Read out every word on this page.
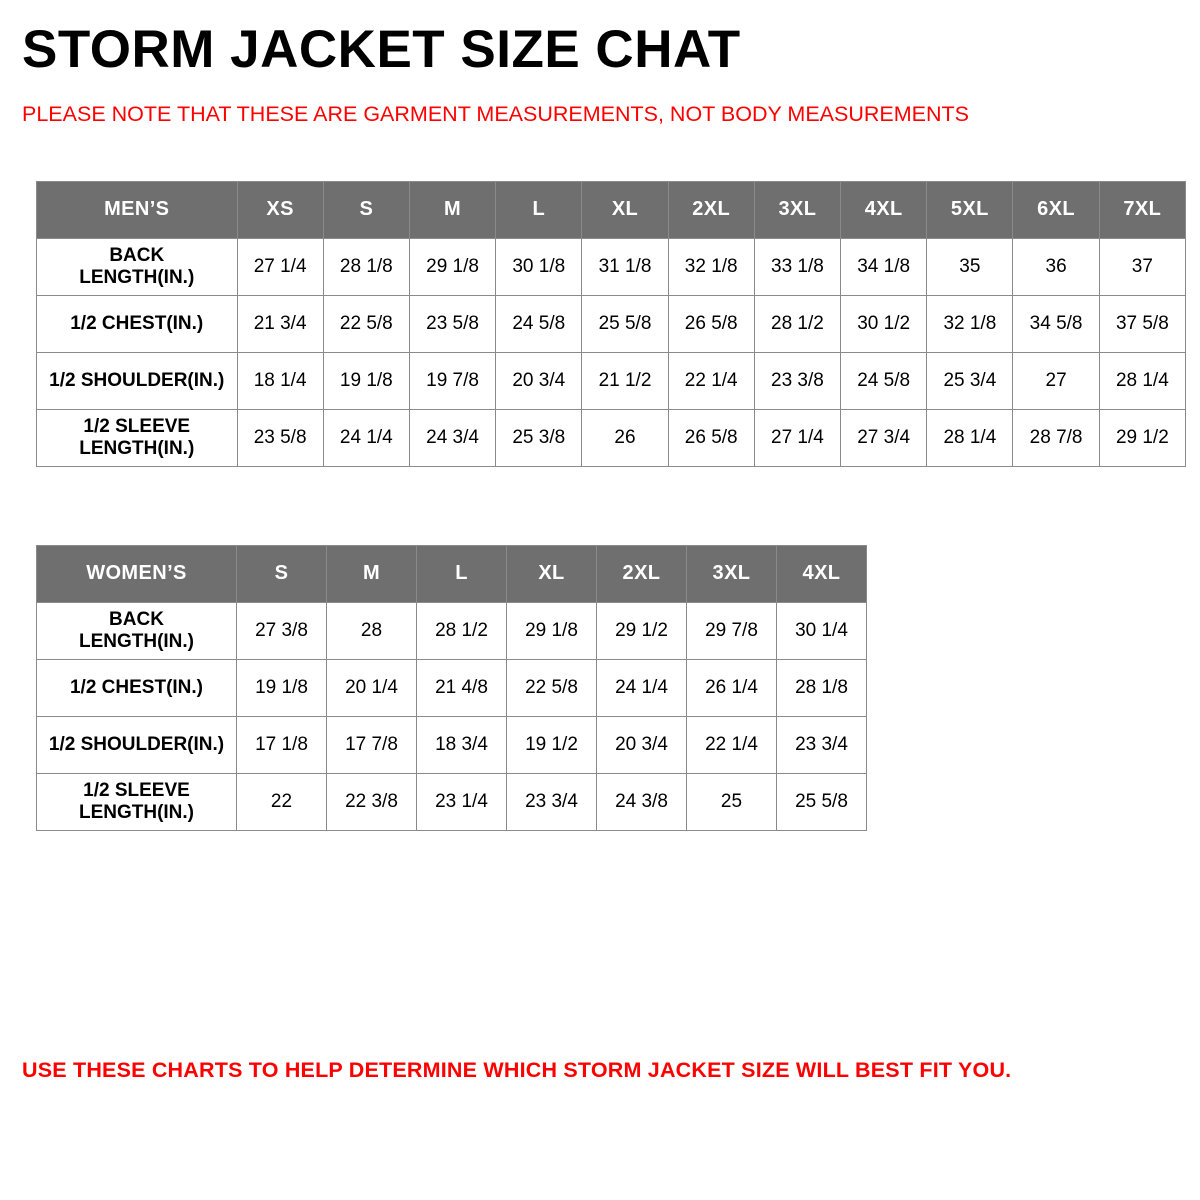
STORM JACKET SIZE CHAT
PLEASE NOTE THAT THESE ARE GARMENT MEASUREMENTS, NOT BODY MEASUREMENTS
MEN’S	XS	S	M	L	XL	2XL	3XL	4XL	5XL	6XL	7XL
BACK
LENGTH(IN.)	27 1/4	28 1/8	29 1/8	30 1/8	31 1/8	32 1/8	33 1/8	34 1/8	35	36	37
1/2 CHEST(IN.)	21 3/4	22 5/8	23 5/8	24 5/8	25 5/8	26 5/8	28 1/2	30 1/2	32 1/8	34 5/8	37 5/8
1/2 SHOULDER(IN.)	18 1/4	19 1/8	19 7/8	20 3/4	21 1/2	22 1/4	23 3/8	24 5/8	25 3/4	27	28 1/4
1/2 SLEEVE
LENGTH(IN.)	23 5/8	24 1/4	24 3/4	25 3/8	26	26 5/8	27 1/4	27 3/4	28 1/4	28 7/8	29 1/2
WOMEN’S	S	M	L	XL	2XL	3XL	4XL
BACK
LENGTH(IN.)	27 3/8	28	28 1/2	29 1/8	29 1/2	29 7/8	30 1/4
1/2 CHEST(IN.)	19 1/8	20 1/4	21 4/8	22 5/8	24 1/4	26 1/4	28 1/8
1/2 SHOULDER(IN.)	17 1/8	17 7/8	18 3/4	19 1/2	20 3/4	22 1/4	23 3/4
1/2 SLEEVE
LENGTH(IN.)	22	22 3/8	23 1/4	23 3/4	24 3/8	25	25 5/8
USE THESE CHARTS TO HELP DETERMINE WHICH STORM JACKET SIZE WILL BEST FIT YOU.
